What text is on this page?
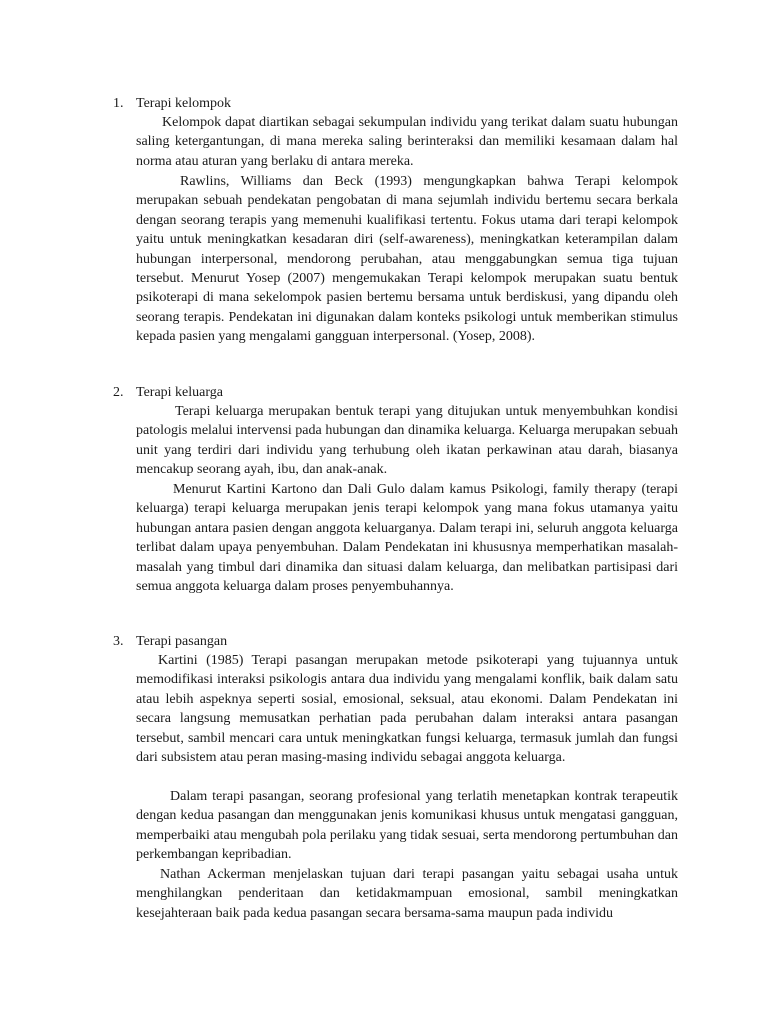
1. Terapi kelompok

Kelompok dapat diartikan sebagai sekumpulan individu yang terikat dalam suatu hubungan saling ketergantungan, di mana mereka saling berinteraksi dan memiliki kesamaan dalam hal norma atau aturan yang berlaku di antara mereka.

Rawlins, Williams dan Beck (1993) mengungkapkan bahwa Terapi kelompok merupakan sebuah pendekatan pengobatan di mana sejumlah individu bertemu secara berkala dengan seorang terapis yang memenuhi kualifikasi tertentu. Fokus utama dari terapi kelompok yaitu untuk meningkatkan kesadaran diri (self-awareness), meningkatkan keterampilan dalam hubungan interpersonal, mendorong perubahan, atau menggabungkan semua tiga tujuan tersebut. Menurut Yosep (2007) mengemukakan Terapi kelompok merupakan suatu bentuk psikoterapi di mana sekelompok pasien bertemu bersama untuk berdiskusi, yang dipandu oleh seorang terapis. Pendekatan ini digunakan dalam konteks psikologi untuk memberikan stimulus kepada pasien yang mengalami gangguan interpersonal. (Yosep, 2008).

2. Terapi keluarga

Terapi keluarga merupakan bentuk terapi yang ditujukan untuk menyembuhkan kondisi patologis melalui intervensi pada hubungan dan dinamika keluarga. Keluarga merupakan sebuah unit yang terdiri dari individu yang terhubung oleh ikatan perkawinan atau darah, biasanya mencakup seorang ayah, ibu, dan anak-anak.

Menurut Kartini Kartono dan Dali Gulo dalam kamus Psikologi, family therapy (terapi keluarga) terapi keluarga merupakan jenis terapi kelompok yang mana fokus utamanya yaitu hubungan antara pasien dengan anggota keluarganya. Dalam terapi ini, seluruh anggota keluarga terlibat dalam upaya penyembuhan. Dalam Pendekatan ini khususnya memperhatikan masalah-masalah yang timbul dari dinamika dan situasi dalam keluarga, dan melibatkan partisipasi dari semua anggota keluarga dalam proses penyembuhannya.

3. Terapi pasangan

Kartini (1985) Terapi pasangan merupakan metode psikoterapi yang tujuannya untuk memodifikasi interaksi psikologis antara dua individu yang mengalami konflik, baik dalam satu atau lebih aspeknya seperti sosial, emosional, seksual, atau ekonomi. Dalam Pendekatan ini secara langsung memusatkan perhatian pada perubahan dalam interaksi antara pasangan tersebut, sambil mencari cara untuk meningkatkan fungsi keluarga, termasuk jumlah dan fungsi dari subsistem atau peran masing-masing individu sebagai anggota keluarga.

Dalam terapi pasangan, seorang profesional yang terlatih menetapkan kontrak terapeutik dengan kedua pasangan dan menggunakan jenis komunikasi khusus untuk mengatasi gangguan, memperbaiki atau mengubah pola perilaku yang tidak sesuai, serta mendorong pertumbuhan dan perkembangan kepribadian.

Nathan Ackerman menjelaskan tujuan dari terapi pasangan yaitu sebagai usaha untuk menghilangkan penderitaan dan ketidakmampuan emosional, sambil meningkatkan kesejahteraan baik pada kedua pasangan secara bersama-sama maupun pada individu
